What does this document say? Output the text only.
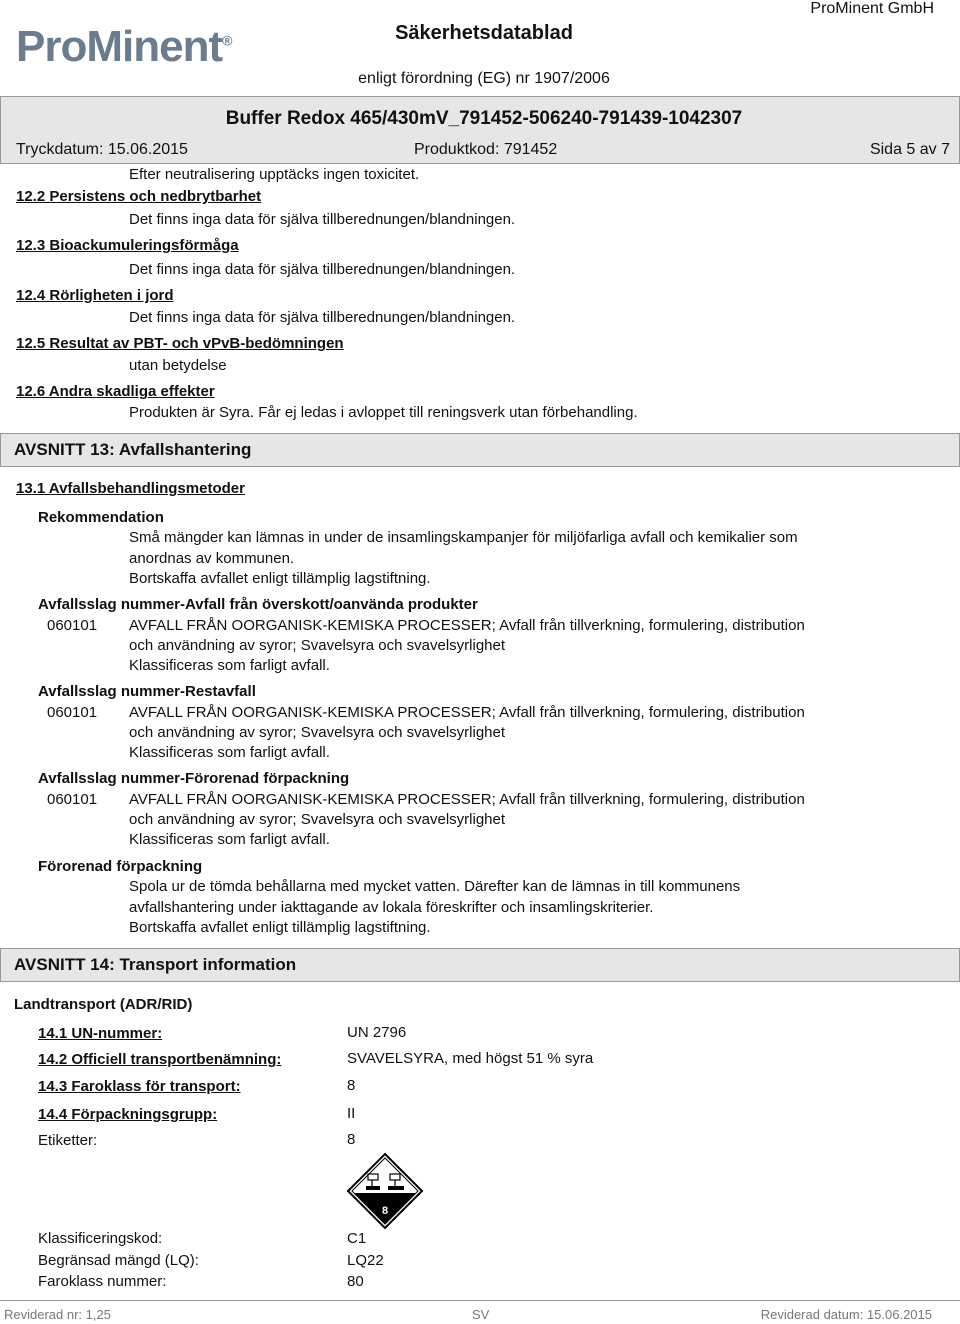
ProMinent®	Säkerhetsdatablad
ProMinent GmbH
enligt förordning (EG) nr 1907/2006
Buffer Redox 465/430mV_791452-506240-791439-1042307
Tryckdatum: 15.06.2015	Produktkod: 791452	Sida 5 av 7
Efter neutralisering upptäcks ingen toxicitet.
12.2 Persistens och nedbrytbarhet
Det finns inga data för själva tillberednungen/blandningen.
12.3 Bioackumuleringsförmåga
Det finns inga data för själva tillberednungen/blandningen.
12.4 Rörligheten i jord
Det finns inga data för själva tillberednungen/blandningen.
12.5 Resultat av PBT- och vPvB-bedömningen
utan betydelse
12.6 Andra skadliga effekter
Produkten är Syra. Får ej ledas i avloppet till reningsverk utan förbehandling.
AVSNITT 13: Avfallshantering
13.1 Avfallsbehandlingsmetoder
Rekommendation
Små mängder kan lämnas in under de insamlingskampanjer för miljöfarliga avfall och kemikalier som
anordnas av kommunen.
Bortskaffa avfallet enligt tillämplig lagstiftning.
Avfallsslag nummer-Avfall från överskott/oanvända produkter
060101 AVFALL FRÅN OORGANISK-KEMISKA PROCESSER; Avfall från tillverkning, formulering, distribution
och användning av syror; Svavelsyra och svavelsyrlighet
Klassificeras som farligt avfall.
Avfallsslag nummer-Restavfall
060101 AVFALL FRÅN OORGANISK-KEMISKA PROCESSER; Avfall från tillverkning, formulering, distribution
och användning av syror; Svavelsyra och svavelsyrlighet
Klassificeras som farligt avfall.
Avfallsslag nummer-Förorenad förpackning
060101 AVFALL FRÅN OORGANISK-KEMISKA PROCESSER; Avfall från tillverkning, formulering, distribution
och användning av syror; Svavelsyra och svavelsyrlighet
Klassificeras som farligt avfall.
Förorenad förpackning
Spola ur de tömda behållarna med mycket vatten. Därefter kan de lämnas in till kommunens
avfallshantering under iakttagande av lokala föreskrifter och insamlingskriterier.
Bortskaffa avfallet enligt tillämplig lagstiftning.
AVSNITT 14: Transport information
Landtransport (ADR/RID)
14.1 UN-nummer:	UN 2796
14.2 Officiell transportbenämning:	SVAVELSYRA, med högst 51 % syra
14.3 Faroklass för transport:	8
14.4 Förpackningsgrupp:	II
Etiketter:	8
8
Klassificeringskod:	C1
Begränsad mängd (LQ):	LQ22
Faroklass nummer:	80
Reviderad nr: 1,25	SV	Reviderad datum: 15.06.2015
